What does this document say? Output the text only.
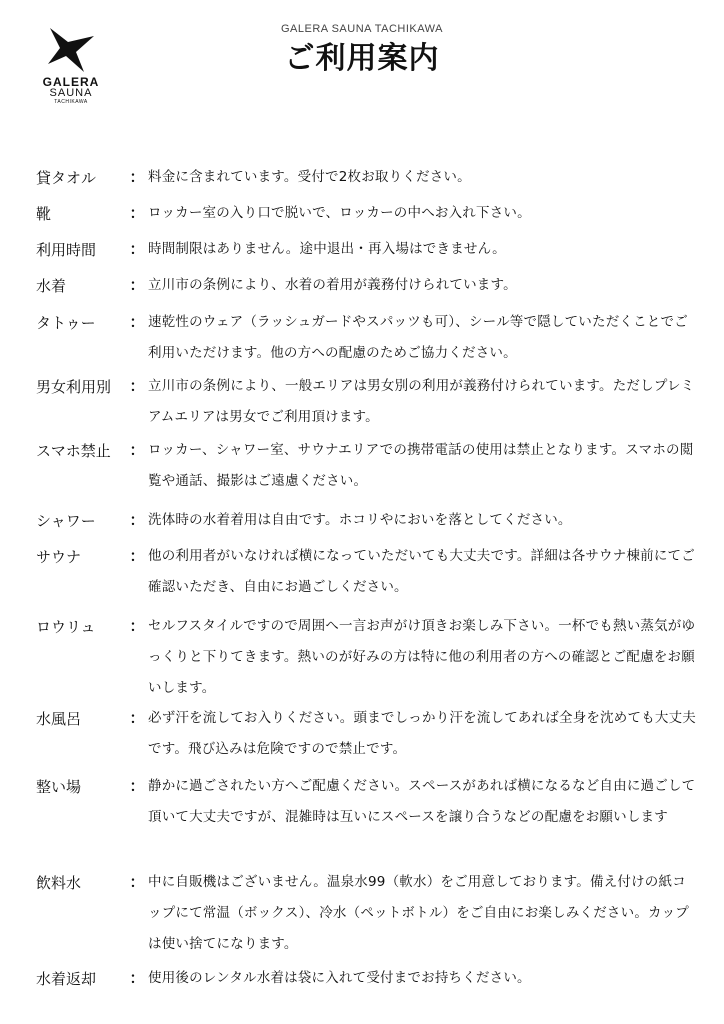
GALERA
SAUNA
TACHIKAWA
GALERA SAUNA TACHIKAWA
ご利用案内
貸タオル	： 料金に含まれています。受付で2枚お取りください。
靴	： ロッカー室の入り口で脱いで、ロッカーの中へお入れ下さい。
利用時間	： 時間制限はありません。途中退出・再入場はできません。
水着	： 立川市の条例により、水着の着用が義務付けられています。
タトゥー	： 速乾性のウェア（ラッシュガードやスパッツも可）、シール等で隠していただくことでご利用いただけます。他の方への配慮のためご協力ください。
男女利用別	： 立川市の条例により、一般エリアは男女別の利用が義務付けられています。ただしプレミアムエリアは男女でご利用頂けます。
スマホ禁止	： ロッカー、シャワー室、サウナエリアでの携帯電話の使用は禁止となります。スマホの閲覧や通話、撮影はご遠慮ください。
シャワー	： 洗体時の水着着用は自由です。ホコリやにおいを落としてください。
サウナ	： 他の利用者がいなければ横になっていただいても大丈夫です。詳細は各サウナ棟前にてご確認いただき、自由にお過ごしください。
ロウリュ	： セルフスタイルですので周囲へ一言お声がけ頂きお楽しみ下さい。一杯でも熱い蒸気がゆっくりと下りてきます。熱いのが好みの方は特に他の利用者の方への確認とご配慮をお願いします。
水風呂	： 必ず汗を流してお入りください。頭までしっかり汗を流してあれば全身を沈めても大丈夫です。飛び込みは危険ですので禁止です。
整い場	： 静かに過ごされたい方へご配慮ください。スペースがあれば横になるなど自由に過ごして頂いて大丈夫ですが、混雑時は互いにスペースを譲り合うなどの配慮をお願いします
飲料水	： 中に自販機はございません。温泉水99（軟水）をご用意しております。備え付けの紙コップにて常温（ボックス）、冷水（ペットボトル）をご自由にお楽しみください。カップは使い捨てになります。
水着返却	： 使用後のレンタル水着は袋に入れて受付までお持ちください。
